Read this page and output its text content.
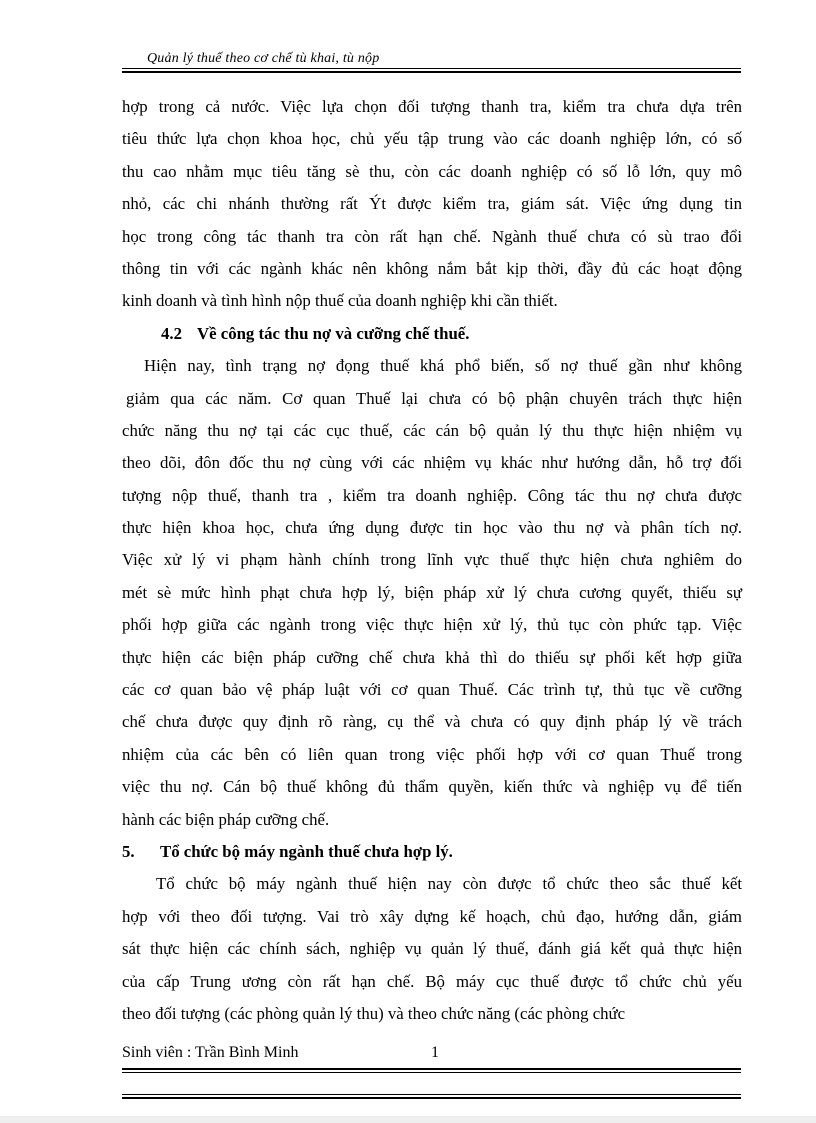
Quản lý thuế theo cơ chế tù khai, tù nộp
hợp trong cả nước. Việc lựa chọn đối tượng thanh tra, kiểm tra chưa dựa trên
tiêu thức lựa chọn khoa học, chủ yếu tập trung vào các doanh nghiệp lớn, có số
thu cao nhằm mục tiêu tăng sè thu, còn các doanh nghiệp có số lỗ lớn, quy mô
nhỏ, các chi nhánh thường rất Ýt được kiểm tra, giám sát. Việc ứng dụng tin
học trong công tác thanh tra còn rất hạn chế. Ngành thuế chưa có sù trao đổi
thông tin với các ngành khác nên không nắm bắt kịp thời, đầy đủ các hoạt động
kinh doanh và tình hình nộp thuế của doanh nghiệp khi cần thiết.
4.2 Về công tác thu nợ và cưỡng chế thuế.
Hiện nay, tình trạng nợ đọng thuế khá phổ biến, số nợ thuế gần như không
giảm qua các năm. Cơ quan Thuế lại chưa có bộ phận chuyên trách thực hiện
chức năng thu nợ tại các cục thuế, các cán bộ quản lý thu thực hiện nhiệm vụ
theo dõi, đôn đốc thu nợ cùng với các nhiệm vụ khác như hướng dẫn, hỗ trợ đối
tượng nộp thuế, thanh tra , kiểm tra doanh nghiệp. Công tác thu nợ chưa được
thực hiện khoa học, chưa ứng dụng được tin học vào thu nợ và phân tích nợ.
Việc xử lý vi phạm hành chính trong lĩnh vực thuế thực hiện chưa nghiêm do
mét sè mức hình phạt chưa hợp lý, biện pháp xử lý chưa cương quyết, thiếu sự
phối hợp giữa các ngành trong việc thực hiện xử lý, thủ tục còn phức tạp. Việc
thực hiện các biện pháp cưỡng chế chưa khả thì do thiếu sự phối kết hợp giữa
các cơ quan bảo vệ pháp luật với cơ quan Thuế. Các trình tự, thủ tục về cưỡng
chế chưa được quy định rõ ràng, cụ thể và chưa có quy định pháp lý về trách
nhiệm của các bên có liên quan trong việc phối hợp với cơ quan Thuế trong
việc thu nợ. Cán bộ thuế không đủ thẩm quyền, kiến thức và nghiệp vụ để tiến
hành các biện pháp cưỡng chế.
5. Tổ chức bộ máy ngành thuế chưa hợp lý.
Tổ chức bộ máy ngành thuế hiện nay còn được tổ chức theo sắc thuế kết
hợp với theo đối tượng. Vai trò xây dựng kế hoạch, chủ đạo, hướng dẫn, giám
sát thực hiện các chính sách, nghiệp vụ quản lý thuế, đánh giá kết quả thực hiện
của cấp Trung ương còn rất hạn chế. Bộ máy cục thuế được tổ chức chủ yếu
theo đối tượng (các phòng quản lý thu) và theo chức năng (các phòng chức
Sinh viên : Trần Bình Minh	1
